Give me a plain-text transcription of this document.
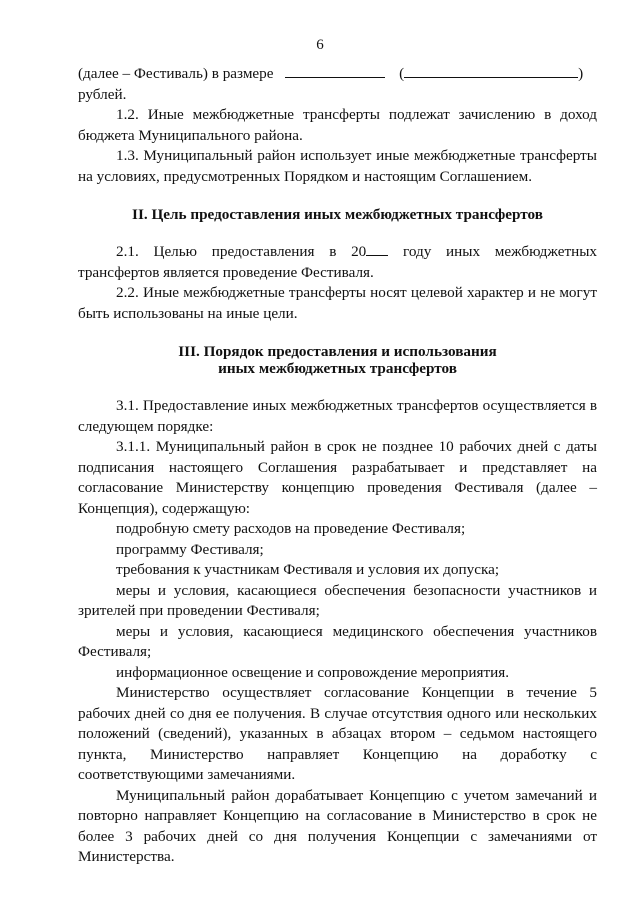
6

(далее – Фестиваль) в размере	(	)

рублей.

1.2. Иные межбюджетные трансферты подлежат зачислению в доход бюджета Муниципального района.

1.3. Муниципальный район использует иные межбюджетные трансферты на условиях, предусмотренных Порядком и настоящим Соглашением.

II. Цель предоставления иных межбюджетных трансфертов

2.1. Целью предоставления в 20 году иных межбюджетных трансфертов является проведение Фестиваля.

2.2. Иные межбюджетные трансферты носят целевой характер и не могут быть использованы на иные цели.

III. Порядок предоставления и использования
иных межбюджетных трансфертов

3.1. Предоставление иных межбюджетных трансфертов осуществляется в следующем порядке:

3.1.1. Муниципальный район в срок не позднее 10 рабочих дней с даты подписания настоящего Соглашения разрабатывает и представляет на согласование Министерству концепцию проведения Фестиваля (далее – Концепция), содержащую:

подробную смету расходов на проведение Фестиваля;

программу Фестиваля;

требования к участникам Фестиваля и условия их допуска;

меры и условия, касающиеся обеспечения безопасности участников и зрителей при проведении Фестиваля;

меры и условия, касающиеся медицинского обеспечения участников Фестиваля;

информационное освещение и сопровождение мероприятия.

Министерство осуществляет согласование Концепции в течение 5 рабочих дней со дня ее получения. В случае отсутствия одного или нескольких положений (сведений), указанных в абзацах втором – седьмом настоящего пункта, Министерство направляет Концепцию на доработку с соответствующими замечаниями.

Муниципальный район дорабатывает Концепцию с учетом замечаний и повторно направляет Концепцию на согласование в Министерство в срок не более 3 рабочих дней со дня получения Концепции с замечаниями от Министерства.
